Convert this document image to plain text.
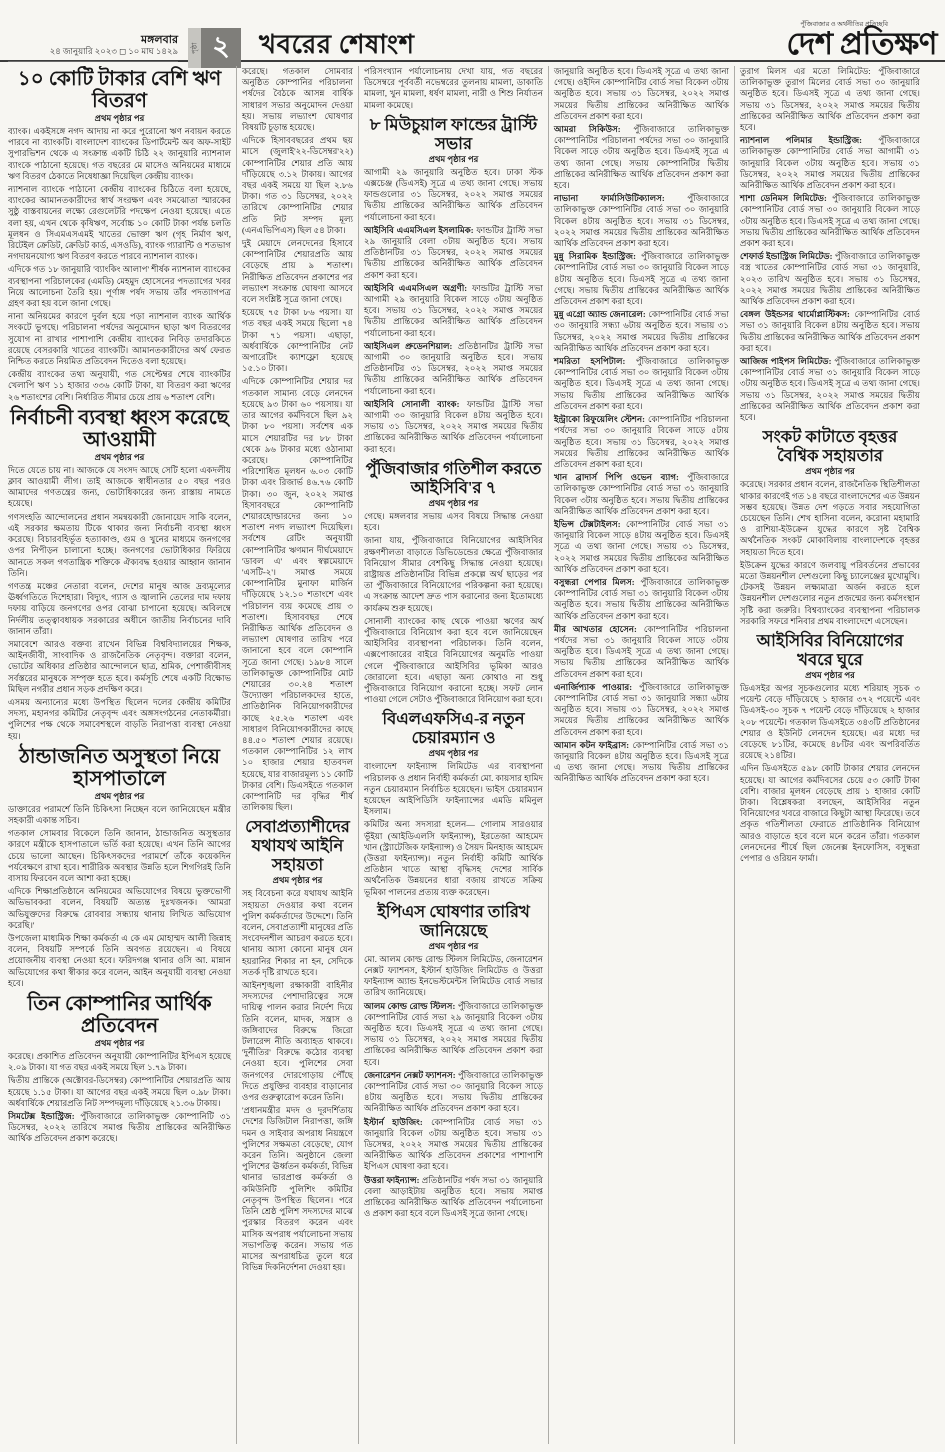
মঙ্গলবার
২৪ জানুয়ারি ২০২৩ ◻ ১০ মাঘ ১৪২৯	পৃষ্ঠা ২	খবরের শেষাংশ
পুঁজিবাজার ও অর্থনীতির প্রতিচ্ছবি
দেশ প্রতিক্ষণ
১০ কোটি টাকার বেশি ঋণ বিতরণ
প্রথম পৃষ্ঠার পর

ব্যাংক। একইসঙ্গে নগদ আদায় না করে পুরোনো ঋণ নবায়ন করতে পারবে না ব্যাংকটি। বাংলাদেশ ব্যাংকের ডিপার্টমেন্ট অব অফ-সাইট সুপারভিশন থেকে এ সংক্রান্ত একটি চিঠি ২২ জানুয়ারি ন্যাশনাল ব্যাংকে পাঠানো হয়েছে। গত বছরের মে মাসেও অনিয়মের মাধ্যমে ঋণ বিতরণ ঠেকাতে নিষেধাজ্ঞা দিয়েছিল কেন্দ্রীয় ব্যাংক।

ন্যাশনাল ব্যাংকে পাঠানো কেন্দ্রীয় ব্যাংকের চিঠিতে বলা হয়েছে, ব্যাংকের আমানতকারীদের স্বার্থ সংরক্ষণ এবং সমঝোতা স্মারকের সুষ্ঠু বাস্তবায়নের লক্ষ্যে রেগুলেটরি পদক্ষেপ নেওয়া হয়েছে। এতে বলা হয়, এখন থেকে কৃষিঋণ, সর্বোচ্চ ১০ কোটি টাকা পর্যন্ত চলতি মূলধন ও সিএমএসএমই খাতের ভোক্তা ঋণ (গৃহ নির্মাণ ঋণ, রিটেইল ক্রেডিট, ক্রেডিট কার্ড, এসওডি), ব্যাংক গ্যারান্টি ও শতভাগ নগদায়নযোগ্য ঋণ বিতরণ করতে পারবে ন্যাশনাল ব্যাংক।

এদিকে গত ১৮ জানুয়ারি 'ব্যাংকিং আলাপ' শীর্ষক ন্যাশনাল ব্যাংকের ব্যবস্থাপনা পরিচালকের (এমডি) মেহমুদ হোসেনের পদত্যাগের খবর নিয়ে আলোচনা তৈরি হয়। পূর্ণাঙ্গ পর্ষদ সভায় তাঁর পদত্যাগপত্র গ্রহণ করা হয় বলে জানা গেছে।

নানা অনিয়মের কারণে দুর্বল হয়ে পড়া ন্যাশনাল ব্যাংক আর্থিক সংকটে ভুগছে। পরিচালনা পর্ষদের অনুমোদন ছাড়া ঋণ বিতরণের সুযোগ না রাখার পাশাপাশি কেন্দ্রীয় ব্যাংকের নিবিড় তদারকিতে রয়েছে বেসরকারি খাতের ব্যাংকটি। আমানতকারীদের অর্থ ফেরত নিশ্চিত করতে নিয়মিত প্রতিবেদন দিতেও বলা হয়েছে।

কেন্দ্রীয় ব্যাংকের তথ্য অনুযায়ী, গত সেপ্টেম্বর শেষে ব্যাংকটির খেলাপি ঋণ ১১ হাজার ৩৩৬ কোটি টাকা, যা বিতরণ করা ঋণের ২৬ শতাংশের বেশি। নির্ধারিত সীমার চেয়ে প্রায় ৬ শতাংশ বেশি।

নির্বাচনী ব্যবস্থা ধ্বংস করেছে আওয়ামী
প্রথম পৃষ্ঠার পর

দিতে যেতে চায় না। আজকে যে সংসদ আছে সেটি হলো একদলীয় ক্লাব আওয়ামী লীগ। তাই আজকে স্বাধীনতার ৫০ বছর পরও আমাদের গণতন্ত্রের জন্য, ভোটাধিকারের জন্য রাস্তায় নামতে হয়েছে।

গণসংহতি আন্দোলনের প্রধান সমন্বয়কারী জোনায়েদ সাকি বলেন, এই সরকার ক্ষমতায় টিকে থাকার জন্য নির্বাচনী ব্যবস্থা ধ্বংস করেছে। বিচারবহির্ভূত হত্যাকাণ্ড, গুম ও খুনের মাধ্যমে জনগণের ওপর নিপীড়ন চালানো হচ্ছে। জনগণের ভোটাধিকার ফিরিয়ে আনতে সকল গণতান্ত্রিক শক্তিকে ঐক্যবদ্ধ হওয়ার আহ্বান জানান তিনি।

গণতন্ত্র মঞ্চের নেতারা বলেন, দেশের মানুষ আজ দ্রব্যমূল্যের ঊর্ধ্বগতিতে দিশেহারা। বিদ্যুৎ, গ্যাস ও জ্বালানি তেলের দাম দফায় দফায় বাড়িয়ে জনগণের ওপর বোঝা চাপানো হয়েছে। অবিলম্বে নির্দলীয় তত্ত্বাবধায়ক সরকারের অধীনে জাতীয় নির্বাচনের দাবি জানান তাঁরা।

সমাবেশে আরও বক্তব্য রাখেন বিভিন্ন বিশ্ববিদ্যালয়ের শিক্ষক, আইনজীবী, সাংবাদিক ও রাজনৈতিক নেতৃবৃন্দ। বক্তারা বলেন, ভোটের অধিকার প্রতিষ্ঠার আন্দোলনে ছাত্র, শ্রমিক, পেশাজীবীসহ সর্বস্তরের মানুষকে সম্পৃক্ত হতে হবে। কর্মসূচি শেষে একটি বিক্ষোভ মিছিল নগরীর প্রধান সড়ক প্রদক্ষিণ করে।

এসময় অন্যান্যের মধ্যে উপস্থিত ছিলেন দলের কেন্দ্রীয় কমিটির সদস্য, মহানগর কমিটির নেতৃবৃন্দ এবং অঙ্গসংগঠনের নেতাকর্মীরা। পুলিশের পক্ষ থেকে সমাবেশস্থলে বাড়তি নিরাপত্তা ব্যবস্থা নেওয়া হয়।

ঠান্ডাজনিত অসুস্থতা নিয়ে হাসপাতালে
প্রথম পৃষ্ঠার পর

ডাক্তারের পরামর্শে তিনি চিকিৎসা নিচ্ছেন বলে জানিয়েছেন মন্ত্রীর সহকারী একান্ত সচিব।

গতকাল সোমবার বিকেলে তিনি জানান, ঠান্ডাজনিত অসুস্থতার কারণে মন্ত্রীকে হাসপাতালে ভর্তি করা হয়েছে। এখন তিনি আগের চেয়ে ভালো আছেন। চিকিৎসকদের পরামর্শে তাঁকে কয়েকদিন পর্যবেক্ষণে রাখা হবে। শারীরিক অবস্থার উন্নতি হলে শিগগিরই তিনি বাসায় ফিরবেন বলে আশা করা হচ্ছে।

এদিকে শিক্ষাপ্রতিষ্ঠানে অনিয়মের অভিযোগের বিষয়ে ভুক্তভোগী অভিভাবকরা বলেন, বিষয়টি অত্যন্ত দুঃখজনক। 'আমরা অভিযুক্তদের বিরুদ্ধে রোববার সন্ধ্যায় থানায় লিখিত অভিযোগ করেছি।'

উপজেলা মাধ্যমিক শিক্ষা কর্মকর্তা এ কে এম মোহাম্মদ আলী জিন্নাহ বলেন, বিষয়টি সম্পর্কে তিনি অবগত রয়েছেন। এ বিষয়ে প্রয়োজনীয় ব্যবস্থা নেওয়া হবে। ফরিদগঞ্জ থানার ওসি আ. মান্নান অভিযোগের কথা স্বীকার করে বলেন, আইন অনুযায়ী ব্যবস্থা নেওয়া হবে।

তিন কোম্পানির আর্থিক প্রতিবেদন
প্রথম পৃষ্ঠার পর

করেছে। প্রকাশিত প্রতিবেদন অনুযায়ী কোম্পানিটির ইপিএস হয়েছে ২.০৯ টাকা। যা গত বছর একই সময়ে ছিল ১.৭৯ টাকা।

দ্বিতীয় প্রান্তিকে (অক্টোবর-ডিসেম্বর) কোম্পানিটির শেয়ারপ্রতি আয় হয়েছে ১.১৫ টাকা। যা আগের বছর একই সময়ে ছিল ০.৯৮ টাকা। অর্ধবার্ষিকে শেয়ারপ্রতি নিট সম্পদমূল্য দাঁড়িয়েছে ২১.৩৬ টাকায়।

সিমটেক্স ইন্ডাস্ট্রিজ: পুঁজিবাজারে তালিকাভুক্ত কোম্পানিটি ৩১ ডিসেম্বর, ২০২২ তারিখে সমাপ্ত দ্বিতীয় প্রান্তিকের অনিরীক্ষিত আর্থিক প্রতিবেদন প্রকাশ করেছে।

করেছে। গতকাল সোমবার অনুষ্ঠিত কোম্পানির পরিচালনা পর্ষদের বৈঠকে আসন্ন বার্ষিক সাধারণ সভার অনুমোদন দেওয়া হয়। সভায় লভ্যাংশ ঘোষণার বিষয়টি চূড়ান্ত হয়েছে।

এদিকে হিসাববছরের প্রথম ছয় মাসে (জুলাই'২২-ডিসেম্বর'২২) কোম্পানিটির শেয়ার প্রতি আয় দাঁড়িয়েছে ৩.১২ টাকায়। আগের বছর একই সময়ে যা ছিল ২.৮৬ টাকা। গত ৩১ ডিসেম্বর, ২০২২ তারিখে কোম্পানিটির শেয়ার প্রতি নিট সম্পদ মূল্য (এনএভিপিএস) ছিল ৫৪ টাকা।

দুই মেয়াদে লেনদেনের হিসাবে কোম্পানিটির শেয়ারপ্রতি আয় বেড়েছে প্রায় ৯ শতাংশ। নিরীক্ষিত প্রতিবেদন প্রকাশের পর লভ্যাংশ সংক্রান্ত ঘোষণা আসবে বলে সংশ্লিষ্ট সূত্রে জানা গেছে।

হয়েছে ৭৫ টাকা ৮৬ পয়সা। যা গত বছর একই সময়ে ছিলো ৭৪ টাকা ৭১ পয়সা। এছাড়া, অর্ধবার্ষিকে কোম্পানিটির নেট অপারেটিং ক্যাশফ্লো হয়েছে ১৫.১০ টাকা।

এদিকে কোম্পানিটির শেয়ার দর গতকাল সামান্য বেড়ে লেনদেন হয়েছে ৯৩ টাকা ৬০ পয়সায়। যা তার আগের কর্মদিবসে ছিল ৯২ টাকা ৮০ পয়সা। সর্বশেষ এক মাসে শেয়ারটির দর ৮৮ টাকা থেকে ৯৬ টাকার মধ্যে ওঠানামা করেছে। কোম্পানিটির পরিশোধিত মূলধন ৬.০৩ কোটি টাকা এবং রিজার্ভ ৪৬.৭৬ কোটি টাকা। ৩০ জুন, ২০২২ সমাপ্ত হিসাববছরে কোম্পানিটি শেয়ারহোল্ডারদের জন্য ১০ শতাংশ নগদ লভ্যাংশ দিয়েছিল। সর্বশেষ রেটিং অনুযায়ী কোম্পানিটির ঋণমান দীর্ঘমেয়াদে 'ডাবল এ' এবং স্বল্পমেয়াদে 'এসটি-২'। সমাপ্ত সময়ে কোম্পানিটির মুনাফা মার্জিন দাঁড়িয়েছে ১২.১০ শতাংশে এবং পরিচালন ব্যয় কমেছে প্রায় ৩ শতাংশ। হিসাববছর শেষে নিরীক্ষিত আর্থিক প্রতিবেদন ও লভ্যাংশ ঘোষণার তারিখ পরে জানানো হবে বলে কোম্পানি সূত্রে জানা গেছে। ১৯৮৪ সালে তালিকাভুক্ত কোম্পানিটির মোট শেয়ারের ৩০.২৪ শতাংশ উদ্যোক্তা পরিচালকদের হাতে, প্রাতিষ্ঠানিক বিনিয়োগকারীদের কাছে ২৫.২৬ শতাংশ এবং সাধারণ বিনিয়োগকারীদের কাছে ৪৪.৫০ শতাংশ শেয়ার রয়েছে। গতকাল কোম্পানিটির ১২ লাখ ১০ হাজার শেয়ার হাতবদল হয়েছে, যার বাজারমূল্য ১১ কোটি টাকার বেশি। ডিএসইতে গতকাল কোম্পানিটি দর বৃদ্ধির শীর্ষ তালিকায় ছিল।

সেবাপ্রত্যাশীদের যথাযথ আইনি সহায়তা
প্রথম পৃষ্ঠার পর

সহ বিবেচনা করে যথাযথ আইনি সহায়তা দেওয়ার কথা বলেন পুলিশ কর্মকর্তাদের উদ্দেশে। তিনি বলেন, সেবাপ্রত্যাশী মানুষের প্রতি সংবেদনশীল আচরণ করতে হবে। থানায় আসা কোনো মানুষ যেন হয়রানির শিকার না হন, সেদিকে সতর্ক দৃষ্টি রাখতে হবে।

আইনশৃঙ্খলা রক্ষাকারী বাহিনীর সদস্যদের পেশাদারিত্বের সঙ্গে দায়িত্ব পালন করার নির্দেশ দিয়ে তিনি বলেন, মাদক, সন্ত্রাস ও জঙ্গিবাদের বিরুদ্ধে জিরো টলারেন্স নীতি অব্যাহত থাকবে। 'দুর্নীতির' বিরুদ্ধে কঠোর ব্যবস্থা নেওয়া হবে। পুলিশের সেবা জনগণের দোরগোড়ায় পৌঁছে দিতে প্রযুক্তির ব্যবহার বাড়ানোর ওপর গুরুত্বারোপ করেন তিনি।

'প্রধানমন্ত্রীর মদদ ও দূরদর্শিতায় দেশের ডিজিটাল নিরাপত্তা, জঙ্গি দমন ও সাইবার অপরাধ নিয়ন্ত্রণে পুলিশের সক্ষমতা বেড়েছে', যোগ করেন তিনি। অনুষ্ঠানে জেলা পুলিশের ঊর্ধ্বতন কর্মকর্তা, বিভিন্ন থানার ভারপ্রাপ্ত কর্মকর্তা ও কমিউনিটি পুলিশিং কমিটির নেতৃবৃন্দ উপস্থিত ছিলেন। পরে তিনি শ্রেষ্ঠ পুলিশ সদস্যদের মাঝে পুরস্কার বিতরণ করেন এবং মাসিক অপরাধ পর্যালোচনা সভায় সভাপতিত্ব করেন। সভায় গত মাসের অপরাধচিত্র তুলে ধরে বিভিন্ন দিকনির্দেশনা দেওয়া হয়।

পরিসংখ্যান পর্যালোচনায় দেখা যায়, গত বছরের ডিসেম্বরে পূর্ববর্তী নভেম্বরের তুলনায় মামলা, ডাকাতি মামলা, খুন মামলা, ধর্ষণ মামলা, নারী ও শিশু নির্যাতন মামলা কমেছে।

৮ মিউচুয়াল ফান্ডের ট্রাস্টি সভার
প্রথম পৃষ্ঠার পর

আগামী ২৯ জানুয়ারি অনুষ্ঠিত হবে। ঢাকা স্টক এক্সচেঞ্জ (ডিএসই) সূত্রে এ তথ্য জানা গেছে। সভায় ফান্ডগুলোর ৩১ ডিসেম্বর, ২০২২ সমাপ্ত সময়ের দ্বিতীয় প্রান্তিকের অনিরীক্ষিত আর্থিক প্রতিবেদন পর্যালোচনা করা হবে।

আইসিবি এএমসিএল ইসলামিক: ফান্ডটির ট্রাস্টি সভা ২৯ জানুয়ারি বেলা ৩টায় অনুষ্ঠিত হবে। সভায় প্রতিষ্ঠানটির ৩১ ডিসেম্বর, ২০২২ সমাপ্ত সময়ের দ্বিতীয় প্রান্তিকের অনিরীক্ষিত আর্থিক প্রতিবেদন প্রকাশ করা হবে।

আইসিবি এএমসিএল অগ্রণী: ফান্ডটির ট্রাস্টি সভা আগামী ২৯ জানুয়ারি বিকেল সাড়ে ৩টায় অনুষ্ঠিত হবে। সভায় ৩১ ডিসেম্বর, ২০২২ সমাপ্ত সময়ের দ্বিতীয় প্রান্তিকের অনিরীক্ষিত আর্থিক প্রতিবেদন পর্যালোচনা করা হবে।

আইসিএল প্রুডেনশিয়াল: প্রতিষ্ঠানটির ট্রাস্টি সভা আগামী ৩০ জানুয়ারি অনুষ্ঠিত হবে। সভায় প্রতিষ্ঠানটির ৩১ ডিসেম্বর, ২০২২ সমাপ্ত সময়ের দ্বিতীয় প্রান্তিকের অনিরীক্ষিত আর্থিক প্রতিবেদন পর্যালোচনা করা হবে।

আইসিবি সোনালী ব্যাংক: ফান্ডটির ট্রাস্টি সভা আগামী ৩০ জানুয়ারি বিকেল ৪টায় অনুষ্ঠিত হবে। সভায় ৩১ ডিসেম্বর, ২০২২ সমাপ্ত সময়ের দ্বিতীয় প্রান্তিকের অনিরীক্ষিত আর্থিক প্রতিবেদন পর্যালোচনা করা হবে।

পুঁজিবাজার গতিশীল করতে আইসিবি'র ৭
প্রথম পৃষ্ঠার পর

গেছে। মঙ্গলবার সভায় এসব বিষয়ে সিদ্ধান্ত নেওয়া হবে।

জানা যায়, পুঁজিবাজারে বিনিয়োগের আইসিবির রক্ষণশীলতা বাড়াতে ডিভিডেন্ডের ক্ষেত্রে পুঁজিবাজার বিনিয়োগ সীমার বেশকিছু সিদ্ধান্ত নেওয়া হয়েছে। রাষ্ট্রায়ত্ত প্রতিষ্ঠানটির বিভিন্ন প্রকল্পে অর্থ ছাড়ের পর তা পুঁজিবাজারে বিনিয়োগের পরিকল্পনা করা হয়েছে। এ সংক্রান্ত আদেশ দ্রুত পাস করানোর জন্য ইতোমধ্যে কার্যক্রম শুরু হয়েছে।

সোনালী ব্যাংকের কাছ থেকে পাওয়া ঋণের অর্থ পুঁজিবাজারে বিনিয়োগ করা হবে বলে জানিয়েছেন আইসিবির ব্যবস্থাপনা পরিচালক। তিনি বলেন, এক্সপোজারের বাইরে বিনিয়োগের অনুমতি পাওয়া গেলে পুঁজিবাজারে আইসিবির ভূমিকা আরও জোরালো হবে। এছাড়া অন্য কোথাও না শুধু পুঁজিবাজারে বিনিয়োগ করানো হচ্ছে। সফট লোন পাওয়া গেলে সেটাও পুঁজিবাজারে বিনিয়োগ করা হবে।

বিএলএফসিএ-র নতুন চেয়ারম্যান ও
প্রথম পৃষ্ঠার পর

বাংলাদেশ ফাইন্যান্স লিমিটেড এর ব্যবস্থাপনা পরিচালক ও প্রধান নির্বাহী কর্মকর্তা মো. কায়সার হামিদ নতুন চেয়ারম্যান নির্বাচিত হয়েছেন। ভাইস চেয়ারম্যান হয়েছেন আইপিডিসি ফাইন্যান্সের এমডি মমিনুল ইসলাম।

কমিটির অন্য সদস্যরা হলেন— গোলাম সারওয়ার ভূঁইয়া (আইডিএলসি ফাইন্যান্স), ইরতেজা আহমেদ খান (স্ট্র্যাটেজিক ফাইন্যান্স) ও সৈয়দ মিনহাজ আহমেদ (উত্তরা ফাইন্যান্স)। নতুন নির্বাহী কমিটি আর্থিক প্রতিষ্ঠান খাতে আস্থা বৃদ্ধিসহ দেশের সার্বিক অর্থনৈতিক উন্নয়নের ধারা বজায় রাখতে সক্রিয় ভূমিকা পালনের প্রত্যয় ব্যক্ত করেছেন।

ইপিএস ঘোষণার তারিখ জানিয়েছে
প্রথম পৃষ্ঠার পর

মো. আলম কোল্ড রোল্ড স্টিলস লিমিটেড, জেনারেশন নেক্সট ফ্যাশনস, ইস্টার্ন হাউজিং লিমিটেড ও উত্তরা ফাইন্যান্স অ্যান্ড ইনভেস্টমেন্টস লিমিটেড বোর্ড সভার তারিখ জানিয়েছে।

আলম কোল্ড রোল্ড স্টিলস: পুঁজিবাজারে তালিকাভুক্ত কোম্পানিটির বোর্ড সভা ২৯ জানুয়ারি বিকেল ৩টায় অনুষ্ঠিত হবে। ডিএসই সূত্রে এ তথ্য জানা গেছে। সভায় ৩১ ডিসেম্বর, ২০২২ সমাপ্ত সময়ের দ্বিতীয় প্রান্তিকের অনিরীক্ষিত আর্থিক প্রতিবেদন প্রকাশ করা হবে।

জেনারেশন নেক্সট ফ্যাশনস: পুঁজিবাজারে তালিকাভুক্ত কোম্পানিটির বোর্ড সভা ৩০ জানুয়ারি বিকেল সাড়ে ৪টায় অনুষ্ঠিত হবে। সভায় দ্বিতীয় প্রান্তিকের অনিরীক্ষিত আর্থিক প্রতিবেদন প্রকাশ করা হবে।

ইস্টার্ন হাউজিং: কোম্পানিটির বোর্ড সভা ৩১ জানুয়ারি বিকেল ৩টায় অনুষ্ঠিত হবে। সভায় ৩১ ডিসেম্বর, ২০২২ সমাপ্ত সময়ের দ্বিতীয় প্রান্তিকের অনিরীক্ষিত আর্থিক প্রতিবেদন প্রকাশের পাশাপাশি ইপিএস ঘোষণা করা হবে।

উত্তরা ফাইন্যান্স: প্রতিষ্ঠানটির পর্ষদ সভা ৩১ জানুয়ারি বেলা আড়াইটায় অনুষ্ঠিত হবে। সভায় সমাপ্ত প্রান্তিকের অনিরীক্ষিত আর্থিক প্রতিবেদন পর্যালোচনা ও প্রকাশ করা হবে বলে ডিএসই সূত্রে জানা গেছে।

জানুয়ারি অনুষ্ঠিত হবে। ডিএসই সূত্রে এ তথ্য জানা গেছে। ওইদিন কোম্পানিটির বোর্ড সভা বিকেল ৩টায় অনুষ্ঠিত হবে। সভায় ৩১ ডিসেম্বর, ২০২২ সমাপ্ত সময়ের দ্বিতীয় প্রান্তিকের অনিরীক্ষিত আর্থিক প্রতিবেদন প্রকাশ করা হবে।

আমরা সিকিউস: পুঁজিবাজারে তালিকাভুক্ত কোম্পানিটির পরিচালনা পর্ষদের সভা ৩০ জানুয়ারি বিকেল সাড়ে ৩টায় অনুষ্ঠিত হবে। ডিএসই সূত্রে এ তথ্য জানা গেছে। সভায় কোম্পানিটির দ্বিতীয় প্রান্তিকের অনিরীক্ষিত আর্থিক প্রতিবেদন প্রকাশ করা হবে।

নাভানা ফার্মাসিউটিক্যালস: পুঁজিবাজারে তালিকাভুক্ত কোম্পানিটির বোর্ড সভা ৩০ জানুয়ারি বিকেল ৪টায় অনুষ্ঠিত হবে। সভায় ৩১ ডিসেম্বর, ২০২২ সমাপ্ত সময়ের দ্বিতীয় প্রান্তিকের অনিরীক্ষিত আর্থিক প্রতিবেদন প্রকাশ করা হবে।

মুন্নু সিরামিক ইন্ডাস্ট্রিজ: পুঁজিবাজারে তালিকাভুক্ত কোম্পানিটির বোর্ড সভা ৩০ জানুয়ারি বিকেল সাড়ে ৪টায় অনুষ্ঠিত হবে। ডিএসই সূত্রে এ তথ্য জানা গেছে। সভায় দ্বিতীয় প্রান্তিকের অনিরীক্ষিত আর্থিক প্রতিবেদন প্রকাশ করা হবে।

মুন্নু এগ্রো অ্যান্ড জেনারেল: কোম্পানিটির বোর্ড সভা ৩০ জানুয়ারি সন্ধ্যা ৬টায় অনুষ্ঠিত হবে। সভায় ৩১ ডিসেম্বর, ২০২২ সমাপ্ত সময়ের দ্বিতীয় প্রান্তিকের অনিরীক্ষিত আর্থিক প্রতিবেদন প্রকাশ করা হবে।

শমরিতা হসপিটাল: পুঁজিবাজারে তালিকাভুক্ত কোম্পানিটির বোর্ড সভা ৩০ জানুয়ারি বিকেল ৩টায় অনুষ্ঠিত হবে। ডিএসই সূত্রে এ তথ্য জানা গেছে। সভায় দ্বিতীয় প্রান্তিকের অনিরীক্ষিত আর্থিক প্রতিবেদন প্রকাশ করা হবে।

ইন্ট্রাকো রিফুয়েলিং স্টেশন: কোম্পানিটির পরিচালনা পর্ষদের সভা ৩০ জানুয়ারি বিকেল সাড়ে ৫টায় অনুষ্ঠিত হবে। সভায় ৩১ ডিসেম্বর, ২০২২ সমাপ্ত সময়ের দ্বিতীয় প্রান্তিকের অনিরীক্ষিত আর্থিক প্রতিবেদন প্রকাশ করা হবে।

খান ব্রাদার্স পিপি ওভেন ব্যাগ: পুঁজিবাজারে তালিকাভুক্ত কোম্পানিটির বোর্ড সভা ৩১ জানুয়ারি বিকেল ৩টায় অনুষ্ঠিত হবে। সভায় দ্বিতীয় প্রান্তিকের অনিরীক্ষিত আর্থিক প্রতিবেদন প্রকাশ করা হবে।

ইভিন্স টেক্সটাইলস: কোম্পানিটির বোর্ড সভা ৩১ জানুয়ারি বিকেল সাড়ে ৪টায় অনুষ্ঠিত হবে। ডিএসই সূত্রে এ তথ্য জানা গেছে। সভায় ৩১ ডিসেম্বর, ২০২২ সমাপ্ত সময়ের দ্বিতীয় প্রান্তিকের অনিরীক্ষিত আর্থিক প্রতিবেদন প্রকাশ করা হবে।

বসুন্ধরা পেপার মিলস: পুঁজিবাজারে তালিকাভুক্ত কোম্পানিটির বোর্ড সভা ৩১ জানুয়ারি বিকেল ৩টায় অনুষ্ঠিত হবে। সভায় দ্বিতীয় প্রান্তিকের অনিরীক্ষিত আর্থিক প্রতিবেদন প্রকাশ করা হবে।

মীর আখতার হোসেন: কোম্পানিটির পরিচালনা পর্ষদের সভা ৩১ জানুয়ারি বিকেল সাড়ে ৩টায় অনুষ্ঠিত হবে। ডিএসই সূত্রে এ তথ্য জানা গেছে। সভায় দ্বিতীয় প্রান্তিকের অনিরীক্ষিত আর্থিক প্রতিবেদন প্রকাশ করা হবে।

এনার্জিপ্যাক পাওয়ার: পুঁজিবাজারে তালিকাভুক্ত কোম্পানিটির বোর্ড সভা ৩১ জানুয়ারি সন্ধ্যা ৬টায় অনুষ্ঠিত হবে। সভায় ৩১ ডিসেম্বর, ২০২২ সমাপ্ত সময়ের দ্বিতীয় প্রান্তিকের অনিরীক্ষিত আর্থিক প্রতিবেদন প্রকাশ করা হবে।

আমান কটন ফাইব্রাস: কোম্পানিটির বোর্ড সভা ৩১ জানুয়ারি বিকেল ৪টায় অনুষ্ঠিত হবে। ডিএসই সূত্রে এ তথ্য জানা গেছে। সভায় দ্বিতীয় প্রান্তিকের অনিরীক্ষিত আর্থিক প্রতিবেদন প্রকাশ করা হবে।

তুরাগ মিলস এর মতো লিমিটেড: পুঁজিবাজারে তালিকাভুক্ত তুরাগ মিলের বোর্ড সভা ৩০ জানুয়ারি অনুষ্ঠিত হবে। ডিএসই সূত্রে এ তথ্য জানা গেছে। সভায় ৩১ ডিসেম্বর, ২০২২ সমাপ্ত সময়ের দ্বিতীয় প্রান্তিকের অনিরীক্ষিত আর্থিক প্রতিবেদন প্রকাশ করা হবে।

ন্যাশনাল পলিমার ইন্ডাস্ট্রিজ: পুঁজিবাজারে তালিকাভুক্ত কোম্পানিটির বোর্ড সভা আগামী ৩১ জানুয়ারি বিকেল ৩টায় অনুষ্ঠিত হবে। সভায় ৩১ ডিসেম্বর, ২০২২ সমাপ্ত সময়ের দ্বিতীয় প্রান্তিকের অনিরীক্ষিত আর্থিক প্রতিবেদন প্রকাশ করা হবে।

শাশা ডেনিমস লিমিটেড: পুঁজিবাজারে তালিকাভুক্ত কোম্পানিটির বোর্ড সভা ৩০ জানুয়ারি বিকেল সাড়ে ৩টায় অনুষ্ঠিত হবে। ডিএসই সূত্রে এ তথ্য জানা গেছে। সভায় দ্বিতীয় প্রান্তিকের অনিরীক্ষিত আর্থিক প্রতিবেদন প্রকাশ করা হবে।

শেফার্ড ইন্ডাস্ট্রিজ লিমিটেড: পুঁজিবাজারে তালিকাভুক্ত বস্ত্র খাতের কোম্পানিটির বোর্ড সভা ৩১ জানুয়ারি, ২০২৩ তারিখ অনুষ্ঠিত হবে। সভায় ৩১ ডিসেম্বর, ২০২২ সমাপ্ত সময়ের দ্বিতীয় প্রান্তিকের অনিরীক্ষিত আর্থিক প্রতিবেদন প্রকাশ করা হবে।

বেঙ্গল উইন্ডসর থার্মোপ্লাস্টিকস: কোম্পানিটির বোর্ড সভা ৩১ জানুয়ারি বিকেল ৪টায় অনুষ্ঠিত হবে। সভায় দ্বিতীয় প্রান্তিকের অনিরীক্ষিত আর্থিক প্রতিবেদন প্রকাশ করা হবে।

আজিজ পাইপস লিমিটেড: পুঁজিবাজারে তালিকাভুক্ত কোম্পানিটির বোর্ড সভা ৩১ জানুয়ারি বিকেল সাড়ে ৩টায় অনুষ্ঠিত হবে। ডিএসই সূত্রে এ তথ্য জানা গেছে। সভায় ৩১ ডিসেম্বর, ২০২২ সমাপ্ত সময়ের দ্বিতীয় প্রান্তিকের অনিরীক্ষিত আর্থিক প্রতিবেদন প্রকাশ করা হবে।

সংকট কাটাতে বৃহত্তর বৈশ্বিক সহায়তার
প্রথম পৃষ্ঠার পর

করেছে। সরকার প্রধান বলেন, রাজনৈতিক স্থিতিশীলতা থাকার কারণেই গত ১৪ বছরে বাংলাদেশের এত উন্নয়ন সম্ভব হয়েছে। উন্নত দেশ গড়তে সবার সহযোগিতা চেয়েছেন তিনি। শেখ হাসিনা বলেন, করোনা মহামারি ও রাশিয়া-ইউক্রেন যুদ্ধের কারণে সৃষ্ট বৈশ্বিক অর্থনৈতিক সংকট মোকাবিলায় বাংলাদেশকে বৃহত্তর সহায়তা দিতে হবে।

ইউক্রেন যুদ্ধের কারণে জলবায়ু পরিবর্তনের প্রভাবের মতো উন্নয়নশীল দেশগুলো কিছু চ্যালেঞ্জের মুখোমুখি। টেকসই উন্নয়ন লক্ষ্যমাত্রা অর্জন করতে হলে উন্নয়নশীল দেশগুলোর নতুন প্রজন্মের জন্য কর্মসংস্থান সৃষ্টি করা জরুরি। বিশ্বব্যাংকের ব্যবস্থাপনা পরিচালক সরকারি সফরে শনিবার প্রথম বাংলাদেশে এসেছেন।

আইসিবির বিনিয়োগের খবরে ঘুরে
প্রথম পৃষ্ঠার পর

ডিএসইর অপর সূচকগুলোর মধ্যে শরিয়াহ সূচক ৩ পয়েন্ট বেড়ে দাঁড়িয়েছে ১ হাজার ৩৭২ পয়েন্টে এবং ডিএসই-৩০ সূচক ৭ পয়েন্ট বেড়ে দাঁড়িয়েছে ২ হাজার ২০৮ পয়েন্টে। গতকাল ডিএসইতে ৩৪৩টি প্রতিষ্ঠানের শেয়ার ও ইউনিট লেনদেন হয়েছে। এর মধ্যে দর বেড়েছে ৮১টির, কমেছে ৪৮টির এবং অপরিবর্তিত রয়েছে ২১৪টির।

এদিন ডিএসইতে ৫৯৮ কোটি টাকার শেয়ার লেনদেন হয়েছে। যা আগের কর্মদিবসের চেয়ে ৫৩ কোটি টাকা বেশি। বাজার মূলধন বেড়েছে প্রায় ১ হাজার কোটি টাকা। বিশ্লেষকরা বলছেন, আইসিবির নতুন বিনিয়োগের খবরে বাজারে কিছুটা আস্থা ফিরেছে। তবে প্রকৃত গতিশীলতা ফেরাতে প্রাতিষ্ঠানিক বিনিয়োগ আরও বাড়াতে হবে বলে মনে করেন তাঁরা। গতকাল লেনদেনের শীর্ষে ছিল জেনেক্স ইনফোসিস, বসুন্ধরা পেপার ও ওরিয়ন ফার্মা।
